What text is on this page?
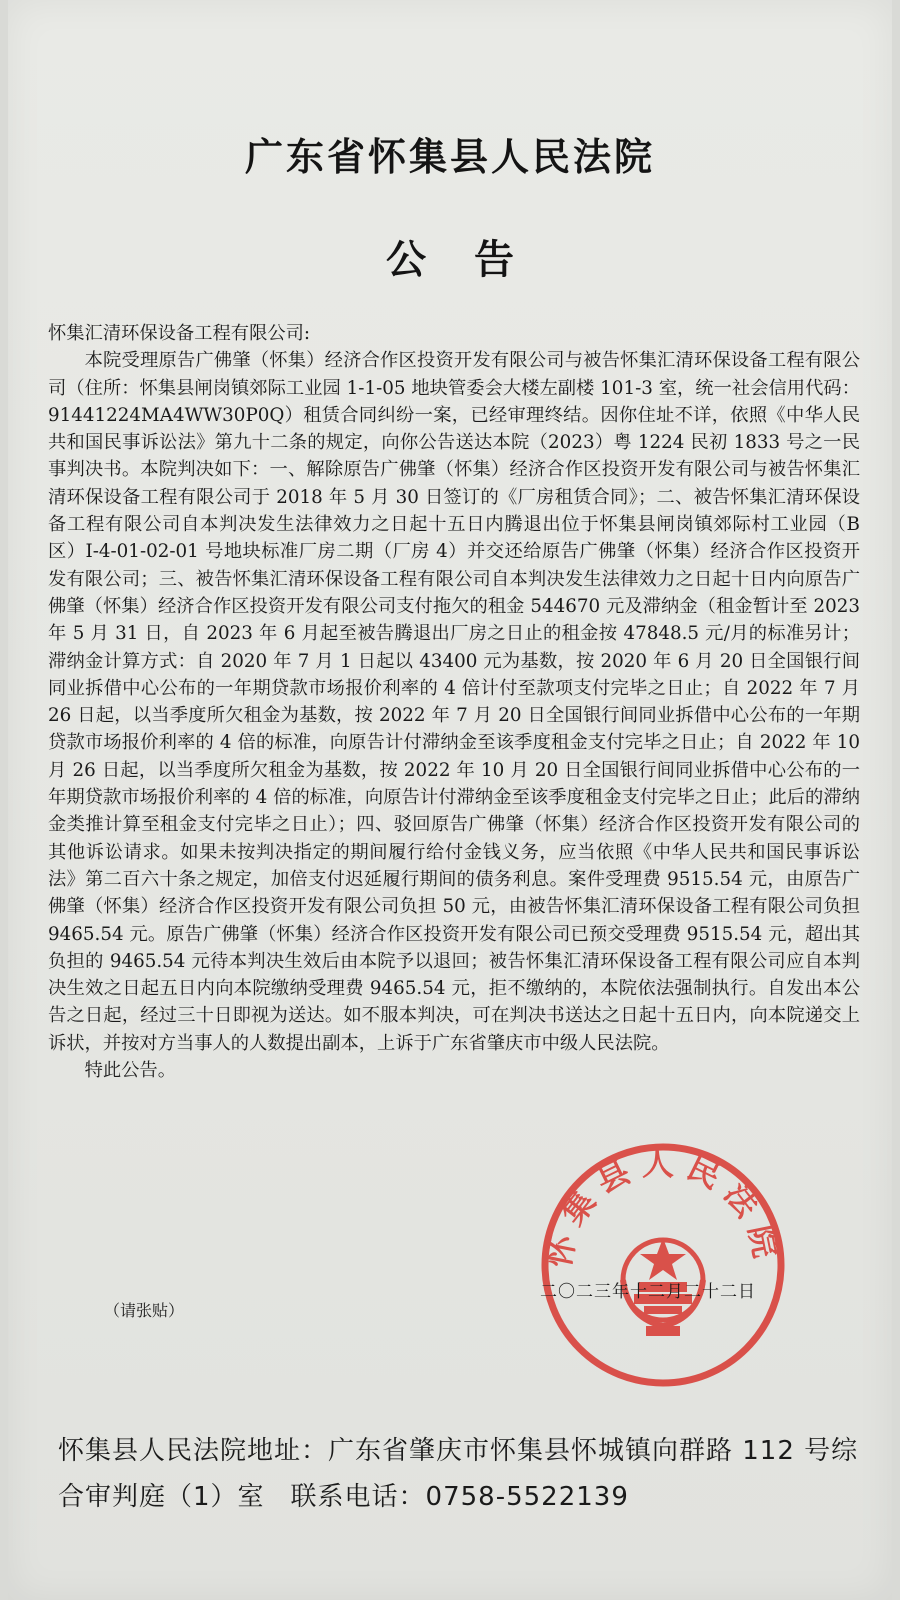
广东省怀集县人民法院
公告

怀集汇清环保设备工程有限公司:

本院受理原告广佛肇（怀集）经济合作区投资开发有限公司与被告怀集汇清环保设备工程有限公司（住所：怀集县闸岗镇郊际工业园 1-1-05 地块管委会大楼左副楼 101-3 室，统一社会信用代码：91441224MA4WW30P0Q）租赁合同纠纷一案，已经审理终结。因你住址不详，依照《中华人民共和国民事诉讼法》第九十二条的规定，向你公告送达本院（2023）粤 1224 民初 1833 号之一民事判决书。本院判决如下：一、解除原告广佛肇（怀集）经济合作区投资开发有限公司与被告怀集汇清环保设备工程有限公司于 2018 年 5 月 30 日签订的《厂房租赁合同》；二、被告怀集汇清环保设备工程有限公司自本判决发生法律效力之日起十五日内腾退出位于怀集县闸岗镇郊际村工业园（B 区）I-4-01-02-01 号地块标准厂房二期（厂房 4）并交还给原告广佛肇（怀集）经济合作区投资开发有限公司；三、被告怀集汇清环保设备工程有限公司自本判决发生法律效力之日起十日内向原告广佛肇（怀集）经济合作区投资开发有限公司支付拖欠的租金 544670 元及滞纳金（租金暂计至 2023 年 5 月 31 日，自 2023 年 6 月起至被告腾退出厂房之日止的租金按 47848.5 元/月的标准另计；滞纳金计算方式：自 2020 年 7 月 1 日起以 43400 元为基数，按 2020 年 6 月 20 日全国银行间同业拆借中心公布的一年期贷款市场报价利率的 4 倍计付至款项支付完毕之日止；自 2022 年 7 月 26 日起，以当季度所欠租金为基数，按 2022 年 7 月 20 日全国银行间同业拆借中心公布的一年期贷款市场报价利率的 4 倍的标准，向原告计付滞纳金至该季度租金支付完毕之日止；自 2022 年 10 月 26 日起，以当季度所欠租金为基数，按 2022 年 10 月 20 日全国银行间同业拆借中心公布的一年期贷款市场报价利率的 4 倍的标准，向原告计付滞纳金至该季度租金支付完毕之日止；此后的滞纳金类推计算至租金支付完毕之日止）；四、驳回原告广佛肇（怀集）经济合作区投资开发有限公司的其他诉讼请求。如果未按判决指定的期间履行给付金钱义务，应当依照《中华人民共和国民事诉讼法》第二百六十条之规定，加倍支付迟延履行期间的债务利息。案件受理费 9515.54 元，由原告广佛肇（怀集）经济合作区投资开发有限公司负担 50 元，由被告怀集汇清环保设备工程有限公司负担 9465.54 元。原告广佛肇（怀集）经济合作区投资开发有限公司已预交受理费 9515.54 元，超出其负担的 9465.54 元待本判决生效后由本院予以退回；被告怀集汇清环保设备工程有限公司应自本判决生效之日起五日内向本院缴纳受理费 9465.54 元，拒不缴纳的，本院依法强制执行。自发出本公告之日起，经过三十日即视为送达。如不服本判决，可在判决书送达之日起十五日内，向本院递交上诉状，并按对方当事人的人数提出副本，上诉于广东省肇庆市中级人民法院。

特此公告。

（请张贴）
怀集县人民法院
二〇二三年十二月二十二日
怀集县人民法院地址：广东省肇庆市怀集县怀城镇向群路 112 号综合审判庭（1）室 联系电话：0758-5522139
